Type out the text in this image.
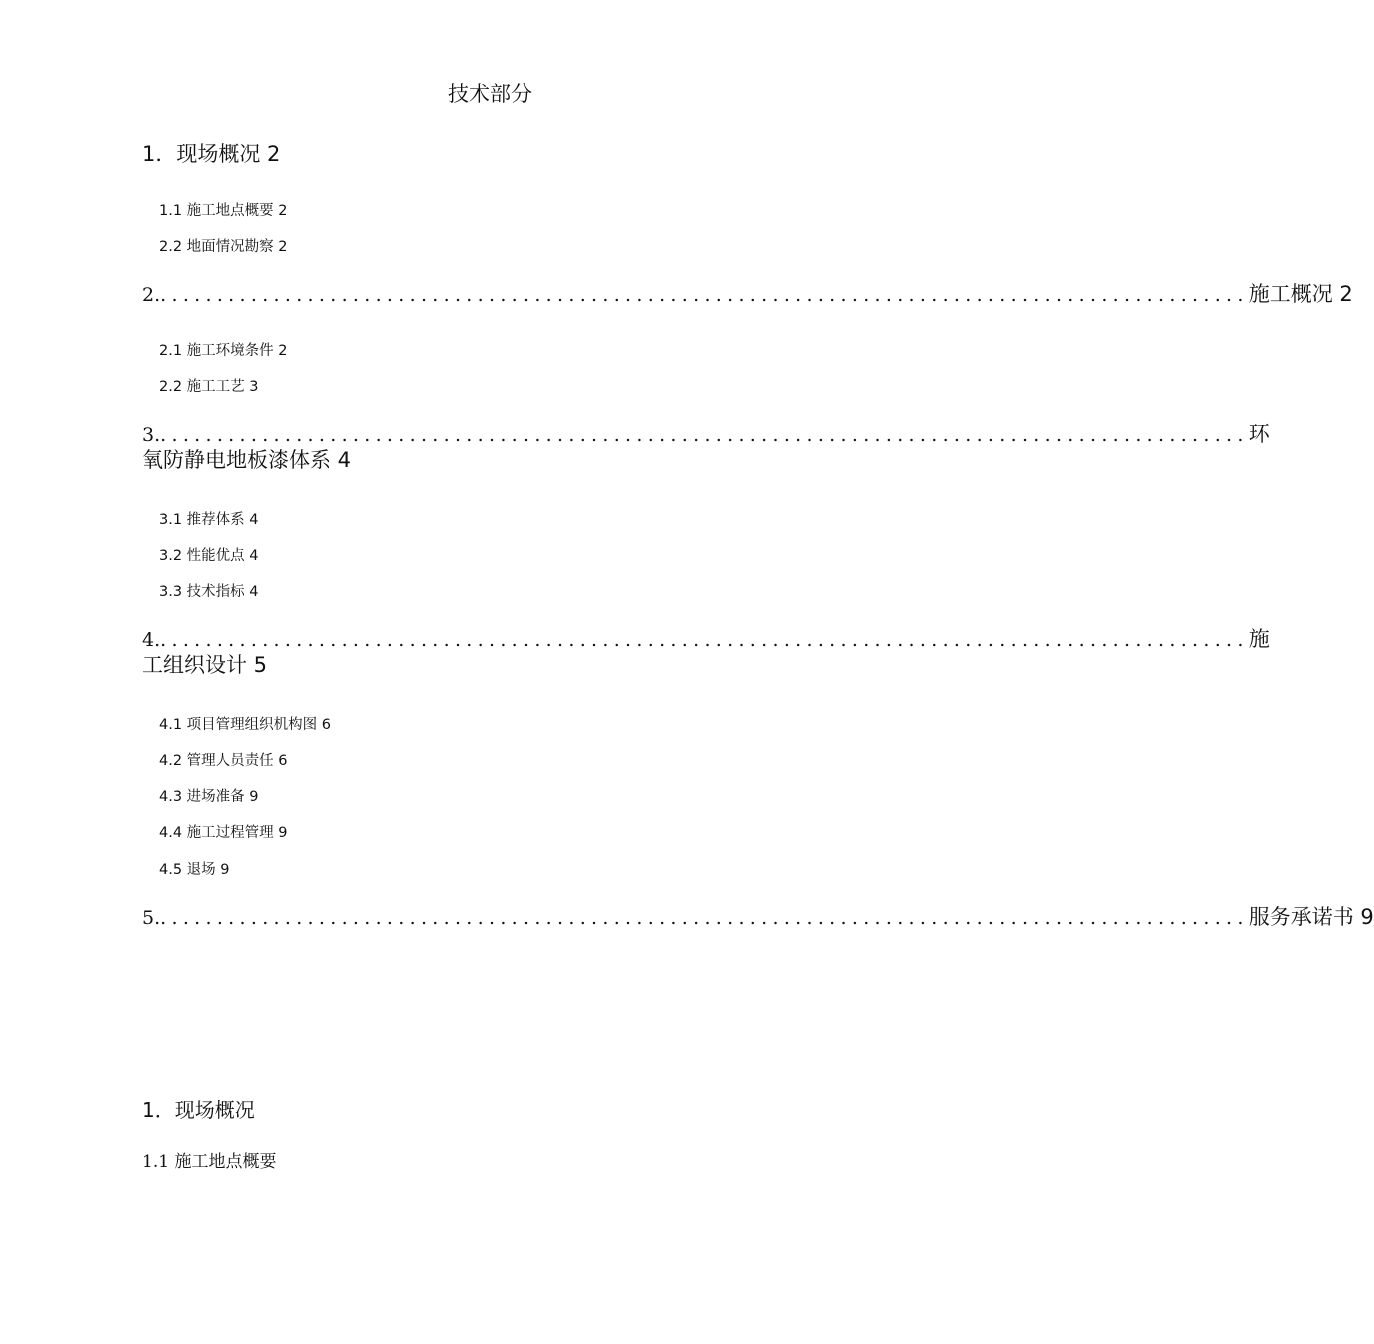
技术部分
1．现场概况 2
1.1 施工地点概要 2
2.2 地面情况勘察 2
2. ................................................................................................ 施工概况 2
2.1 施工环境条件 2
2.2 施工工艺 3
3. ................................................................................................ 环
氧防静电地板漆体系 4
3.1 推荐体系 4
3.2 性能优点 4
3.3 技术指标 4
4. ................................................................................................ 施
工组织设计 5
4.1 项目管理组织机构图 6
4.2 管理人员责任 6
4.3 进场准备 9
4.4 施工过程管理 9
4.5 退场 9
5. ................................................................................................ 服务承诺书 9
1．现场概况
1.1 施工地点概要
